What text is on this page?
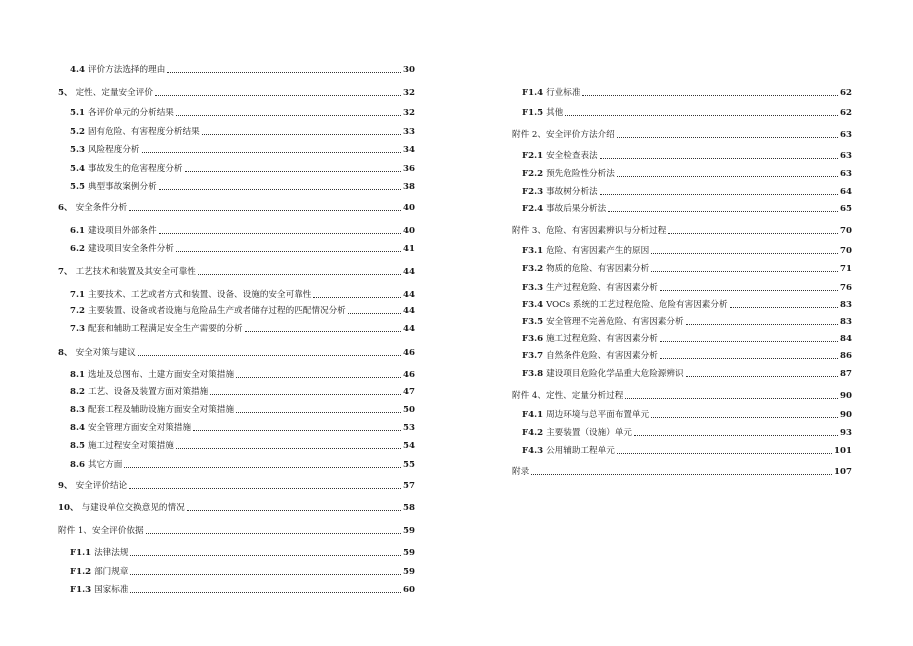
4.4 评价方法选择的理由	30
5、 定性、定量安全评价	32
5.1 各评价单元的分析结果	32
5.2 固有危险、有害程度分析结果	33
5.3 风险程度分析	34
5.4 事故发生的危害程度分析	36
5.5 典型事故案例分析	38
6、 安全条件分析	40
6.1 建设项目外部条件	40
6.2 建设项目安全条件分析	41
7、 工艺技术和装置及其安全可靠性	44
7.1 主要技术、工艺或者方式和装置、设备、设施的安全可靠性	44
7.2 主要装置、设备或者设施与危险品生产或者储存过程的匹配情况分析	44
7.3 配套和辅助工程满足安全生产需要的分析	44
8、 安全对策与建议	46
8.1 选址及总图布、土建方面安全对策措施	46
8.2 工艺、设备及装置方面对策措施	47
8.3 配套工程及辅助设施方面安全对策措施	50
8.4 安全管理方面安全对策措施	53
8.5 施工过程安全对策措施	54
8.6 其它方面	55
9、 安全评价结论	57
10、 与建设单位交换意见的情况	58
附件 1、安全评价依据	59
F1.1 法律法规	59
F1.2 部门规章	59
F1.3 国家标准	60
F1.4 行业标准	62
F1.5 其他	62
附件 2、安全评价方法介绍	63
F2.1 安全检查表法	63
F2.2 预先危险性分析法	63
F2.3 事故树分析法	64
F2.4 事故后果分析法	65
附件 3、危险、有害因素辨识与分析过程	70
F3.1 危险、有害因素产生的原因	70
F3.2 物质的危险、有害因素分析	71
F3.3 生产过程危险、有害因素分析	76
F3.4 VOCs 系统的工艺过程危险、危险有害因素分析	83
F3.5 安全管理不完善危险、有害因素分析	83
F3.6 施工过程危险、有害因素分析	84
F3.7 自然条件危险、有害因素分析	86
F3.8 建设项目危险化学品重大危险源辨识	87
附件 4、定性、定量分析过程	90
F4.1 周边环境与总平面布置单元	90
F4.2 主要装置（设施）单元	93
F4.3 公用辅助工程单元	101
附录	107
